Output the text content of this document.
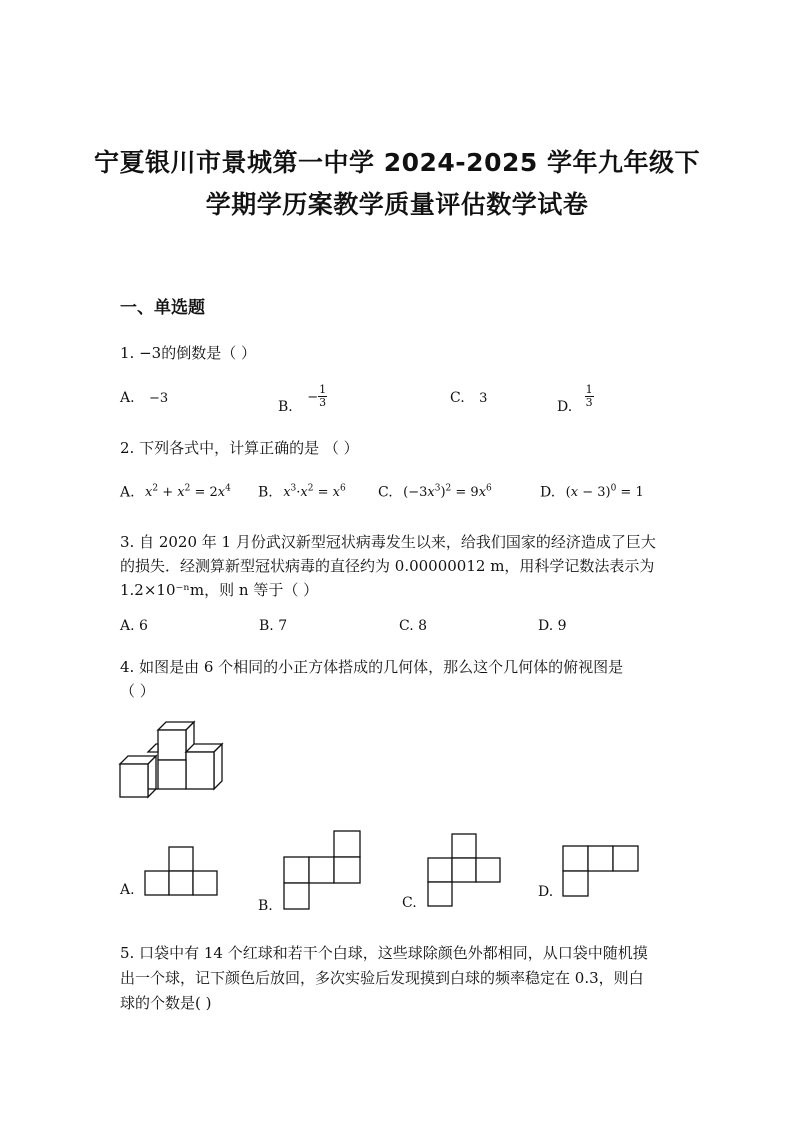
宁夏银川市景城第一中学 2024-2025 学年九年级下
学期学历案教学质量评估数学试卷
一、单选题
1. −3的倒数是（ ）
A. −3	B. − $\frac{1}{3}$	C. 3	D. $\frac{1}{3}$
2. 下列各式中，计算正确的是 （ ）
A. $x^2 + x^2 = 2x^4$ B. $x^3\cdot x^2 = x^6$ C. $(-3x^3)^2 = 9x^6$	D. $(x - 3)^0 = 1$
3. 自 2020 年 1 月份武汉新型冠状病毒发生以来，给我们国家的经济造成了巨大
的损失．经测算新型冠状病毒的直径约为 0.00000012 m，用科学记数法表示为
1.2×10⁻ⁿm，则 n 等于（ ）
A. 6	B. 7	C. 8	D. 9
4. 如图是由 6 个相同的小正方体搭成的几何体，那么这个几何体的俯视图是
（ ）
A.
B.	C.
D.
5. 口袋中有 14 个红球和若干个白球，这些球除颜色外都相同，从口袋中随机摸
出一个球，记下颜色后放回，多次实验后发现摸到白球的频率稳定在 0.3，则白
球的个数是( )
